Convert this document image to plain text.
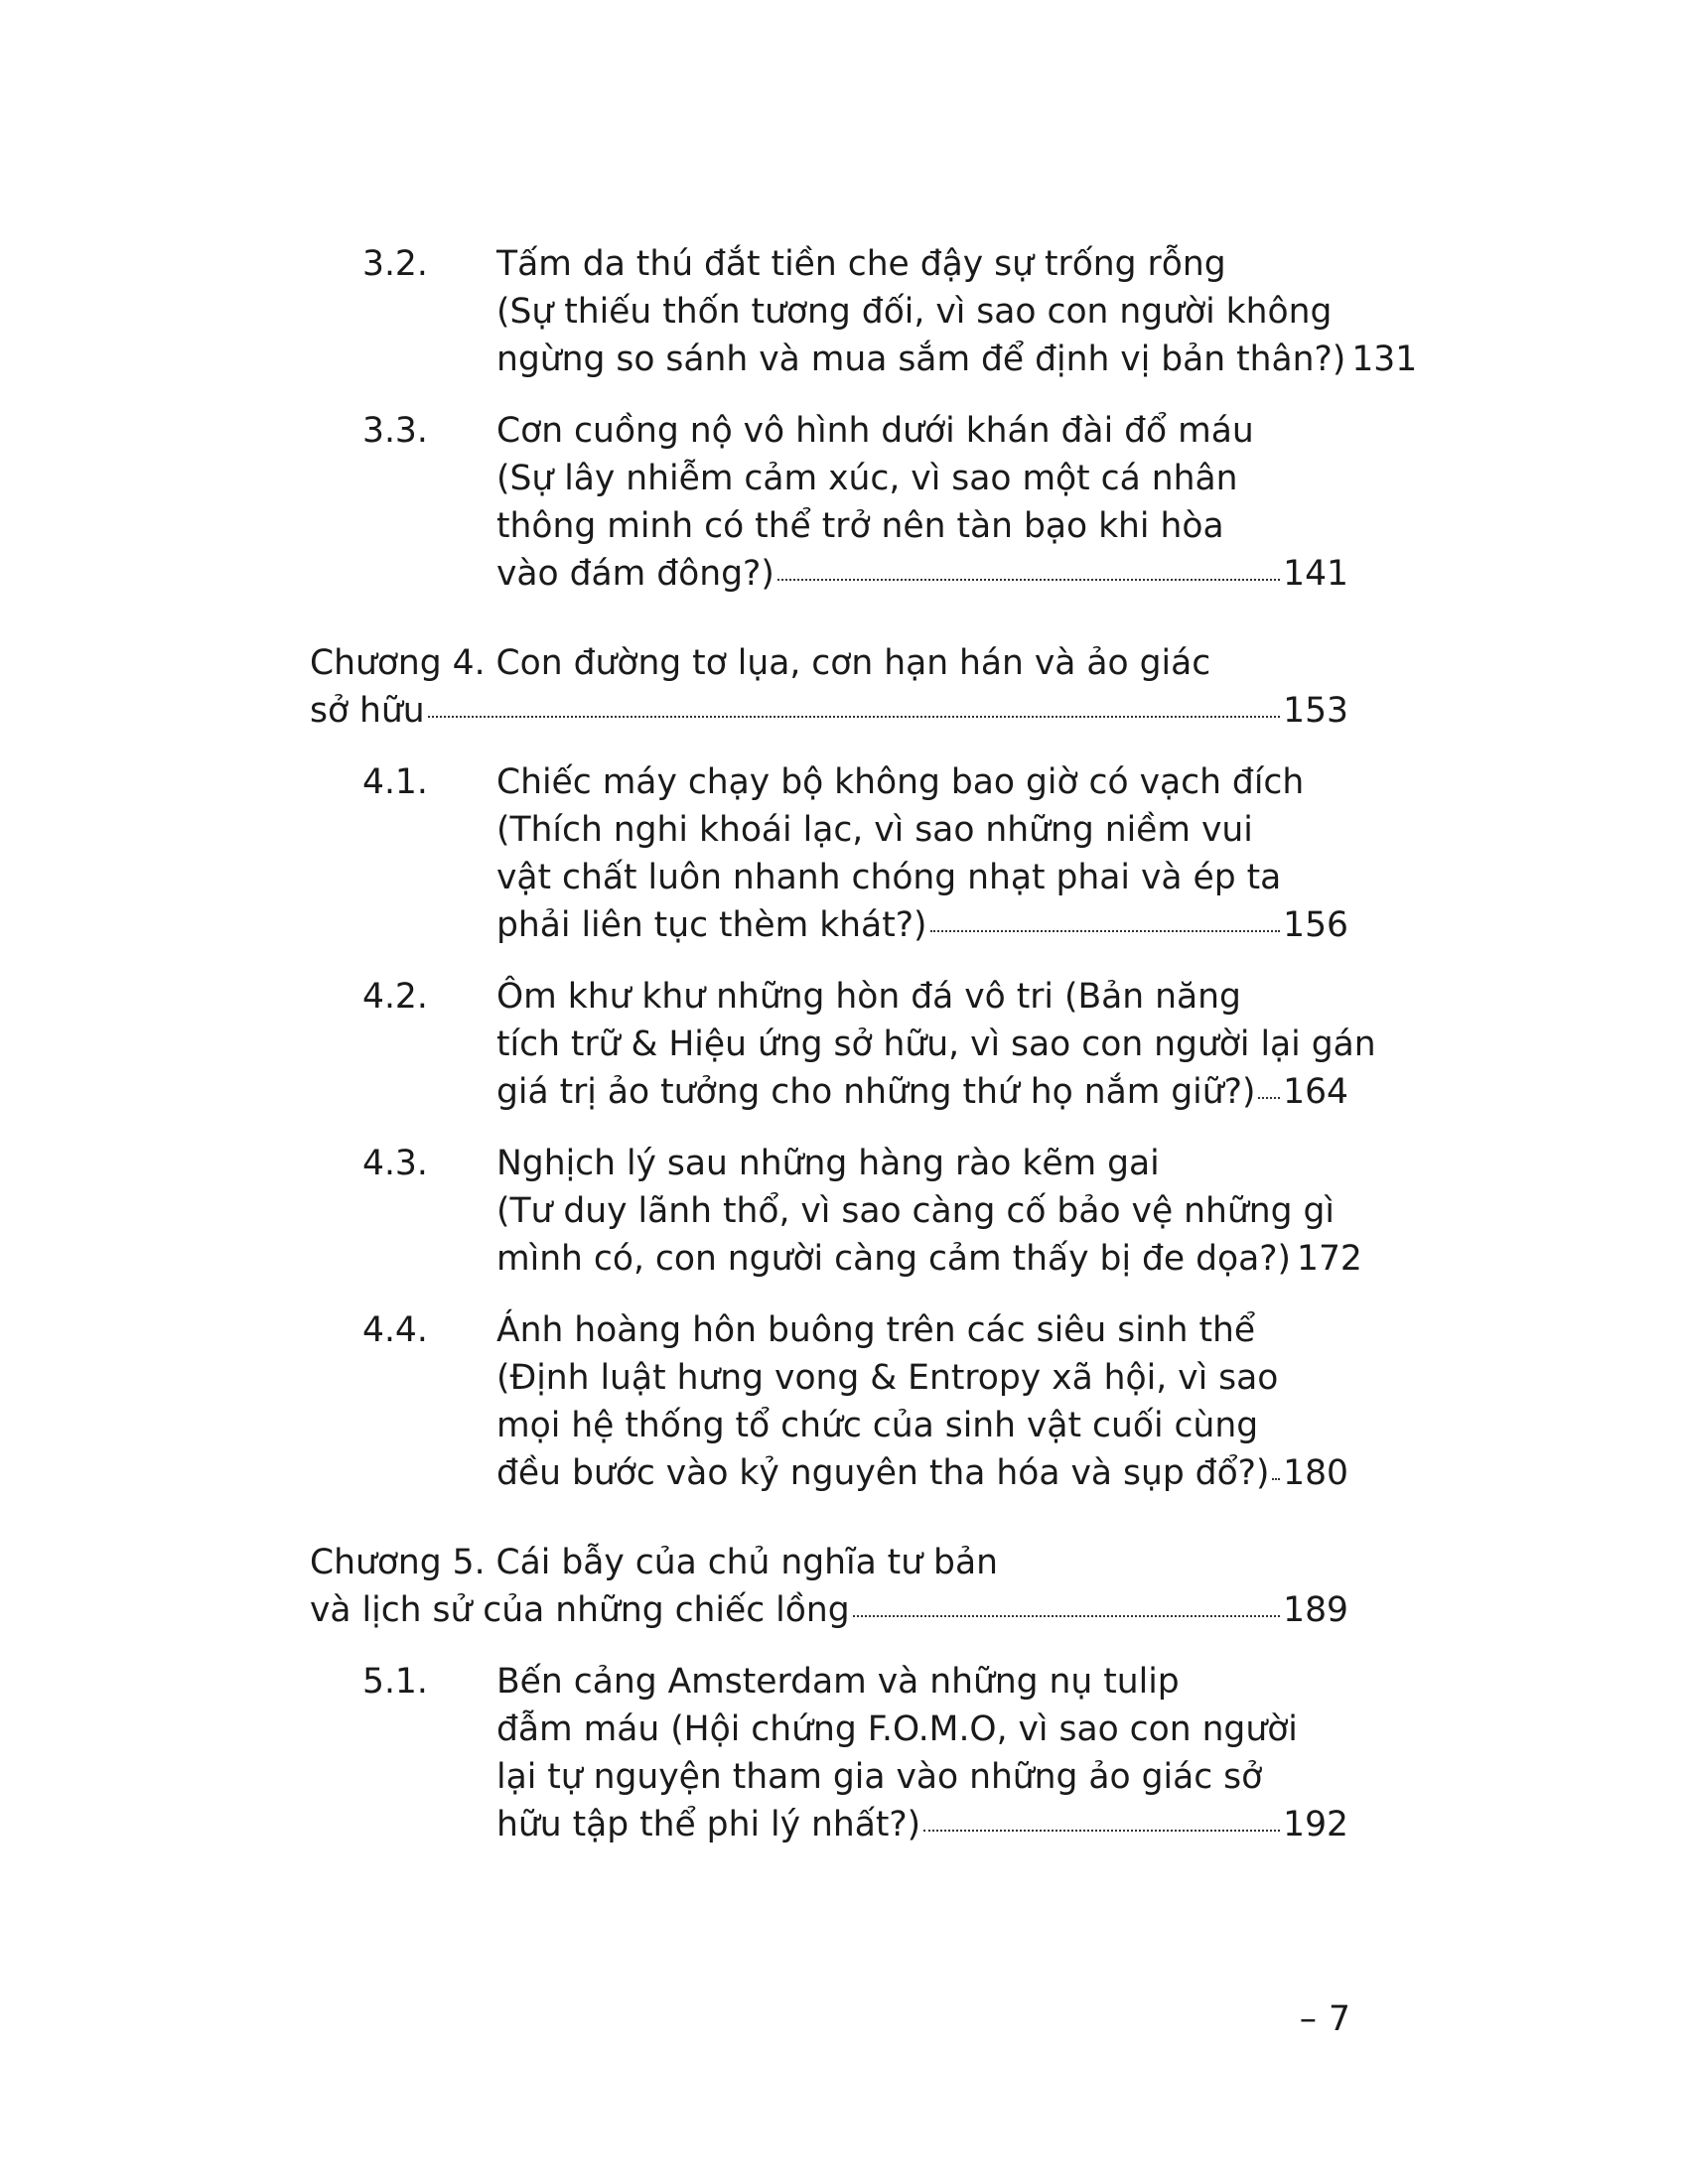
3.2.	Tấm da thú đắt tiền che đậy sự trống rỗng
(Sự thiếu thốn tương đối, vì sao con người không
ngừng so sánh và mua sắm để định vị bản thân?) 131
3.3.	Cơn cuồng nộ vô hình dưới khán đài đổ máu
(Sự lây nhiễm cảm xúc, vì sao một cá nhân
thông minh có thể trở nên tàn bạo khi hòa
vào đám đông?)	141
Chương 4. Con đường tơ lụa, cơn hạn hán và ảo giác
sở hữu	153
4.1.	Chiếc máy chạy bộ không bao giờ có vạch đích
(Thích nghi khoái lạc, vì sao những niềm vui
vật chất luôn nhanh chóng nhạt phai và ép ta
phải liên tục thèm khát?)	156
4.2.	Ôm khư khư những hòn đá vô tri (Bản năng
tích trữ & Hiệu ứng sở hữu, vì sao con người lại gán
giá trị ảo tưởng cho những thứ họ nắm giữ?) 164
4.3.	Nghịch lý sau những hàng rào kẽm gai
(Tư duy lãnh thổ, vì sao càng cố bảo vệ những gì
mình có, con người càng cảm thấy bị đe dọa?) 172
4.4.	Ánh hoàng hôn buông trên các siêu sinh thể
(Định luật hưng vong & Entropy xã hội, vì sao
mọi hệ thống tổ chức của sinh vật cuối cùng
đều bước vào kỷ nguyên tha hóa và sụp đổ?) 180
Chương 5. Cái bẫy của chủ nghĩa tư bản
và lịch sử của những chiếc lồng	189
5.1.	Bến cảng Amsterdam và những nụ tulip
đẫm máu (Hội chứng F.O.M.O, vì sao con người
lại tự nguyện tham gia vào những ảo giác sở
hữu tập thể phi lý nhất?)	192
– 7
